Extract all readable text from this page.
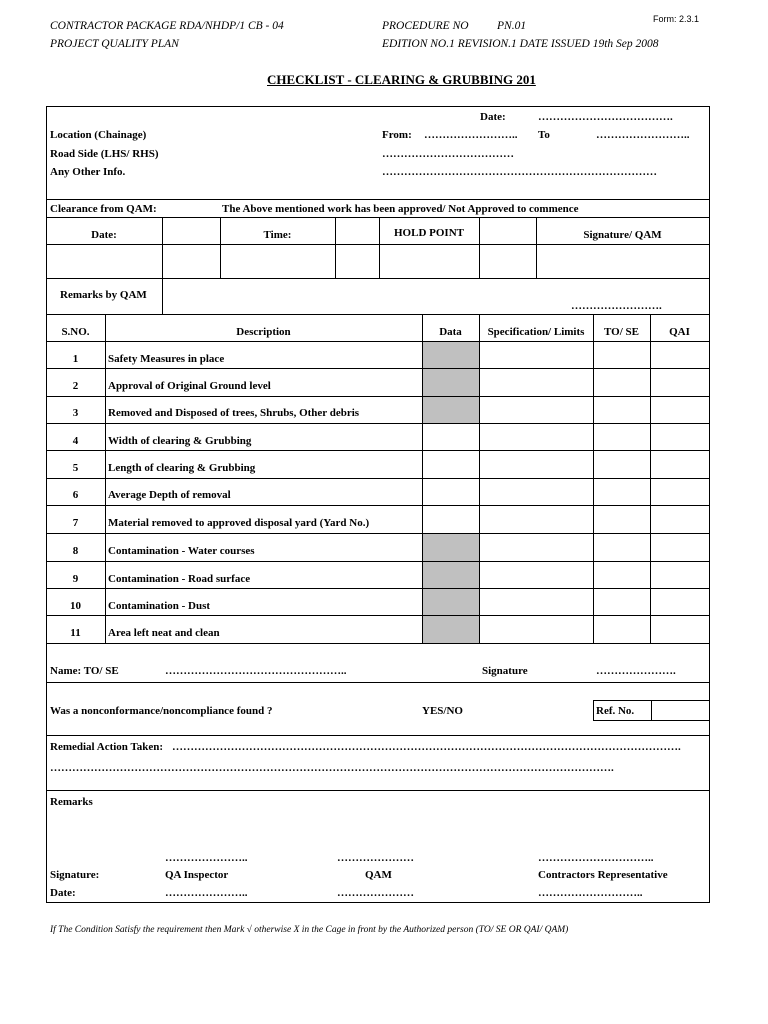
Form: 2.3.1
CONTRACTOR PACKAGE RDA/NHDP/1 CB - 04
PROJECT QUALITY PLAN
PROCEDURE NO PN.01
EDITION NO.1 REVISION.1 DATE ISSUED 19th Sep 2008
CHECKLIST - CLEARING & GRUBBING 201
Date:	……………………………….
Location (Chainage)	From: …………………….. To	……………………..
Road Side (LHS/ RHS)	………………………………
Any Other Info.	…………………………………………………………………
Clearance from QAM:	The Above mentioned work has been approved/ Not Approved to commence
Date:	Time:	HOLD POINT	Signature/ QAM
Remarks by QAM
…………………….
S.NO.	Description	Data	Specification/ Limits	TO/ SE	QAI
1	Safety Measures in place
2	Approval of Original Ground level
3	Removed and Disposed of trees, Shrubs, Other debris
4	Width of clearing & Grubbing
5	Length of clearing & Grubbing
6	Average Depth of removal
7	Material removed to approved disposal yard (Yard No.)
8	Contamination - Water courses
9	Contamination - Road surface
10	Contamination - Dust
11	Area left neat and clean
Name: TO/ SE	…………………………………………..	Signature	………………….
Was a nonconformance/noncompliance found ?	YES/NO	Ref. No.
Remedial Action Taken: ………………………………………………………………………………………………………………………….
……………………………………………………………………………………………………………………………………….
Remarks
…………………..	…………………	…………………………..
Signature:	QA Inspector	QAM	Contractors Representative
Date:	…………………..	…………………	………………………..
If The Condition Satisfy the requirement then Mark √ otherwise X in the Cage in front by the Authorized person (TO/ SE OR QAI/ QAM)
